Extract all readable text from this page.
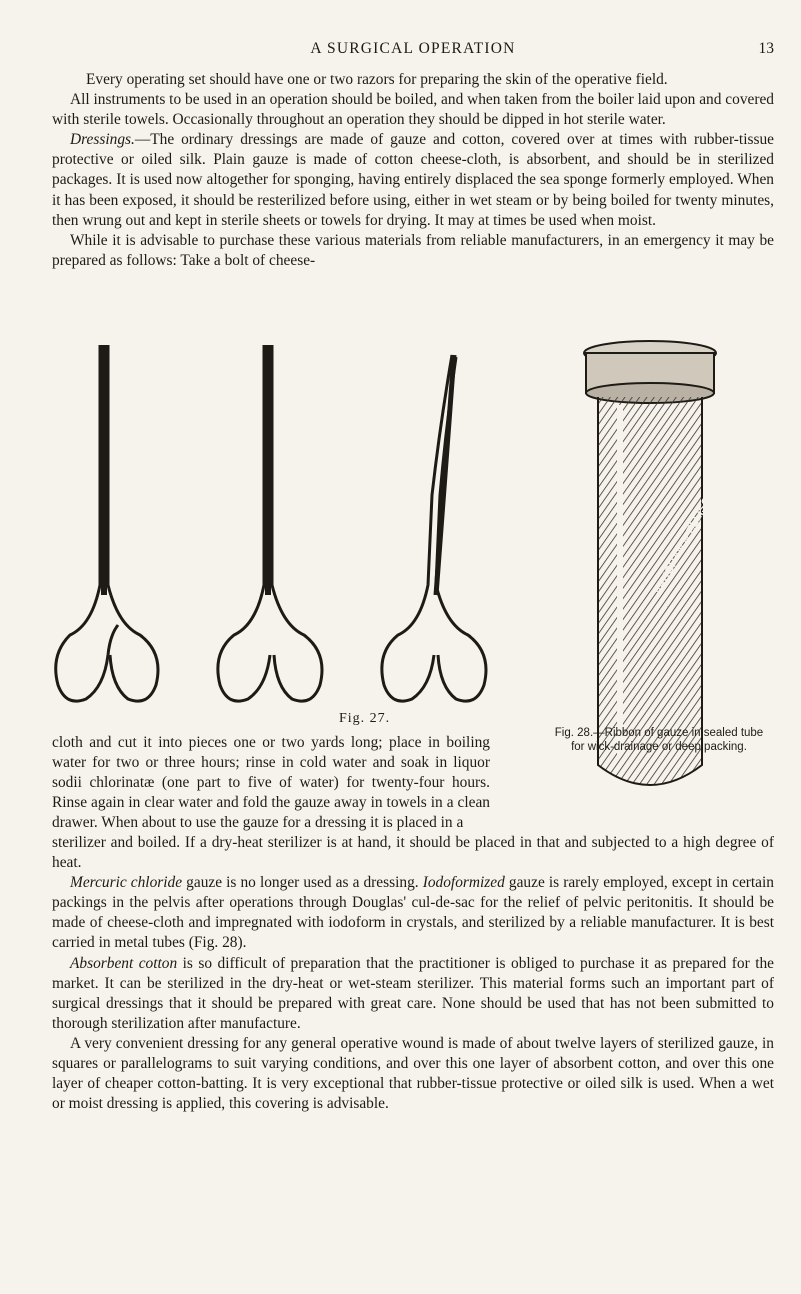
A SURGICAL OPERATION	13

Every operating set should have one or two razors for preparing the skin of the operative field.

All instruments to be used in an operation should be boiled, and when taken from the boiler laid upon and covered with sterile towels. Occasionally throughout an operation they should be dipped in hot sterile water.

Dressings.—The ordinary dressings are made of gauze and cotton, covered over at times with rubber-tissue protective or oiled silk. Plain gauze is made of cotton cheese-cloth, is absorbent, and should be in sterilized packages. It is used now altogether for sponging, having entirely displaced the sea sponge formerly employed. When it has been exposed, it should be resterilized before using, either in wet steam or by being boiled for twenty minutes, then wrung out and kept in sterile sheets or towels for drying. It may at times be used when moist.

While it is advisable to purchase these various materials from reliable manufacturers, in an emergency it may be prepared as follows: Take a bolt of cheese-

Fig. 27.
VAUGHAN & ELLISON
Fig. 28.—Ribbon of gauze in sealed tube for wick-drainage or deep packing.

cloth and cut it into pieces one or two yards long; place in boiling water for two or three hours; rinse in cold water and soak in liquor sodii chlorinatæ (one part to five of water) for twenty-four hours. Rinse again in clear water and fold the gauze away in towels in a clean drawer. When about to use the gauze for a dressing it is placed in a

sterilizer and boiled. If a dry-heat sterilizer is at hand, it should be placed in that and subjected to a high degree of heat.

Mercuric chloride gauze is no longer used as a dressing. Iodoformized gauze is rarely employed, except in certain packings in the pelvis after operations through Douglas' cul-de-sac for the relief of pelvic peritonitis. It should be made of cheese-cloth and impregnated with iodoform in crystals, and sterilized by a reliable manufacturer. It is best carried in metal tubes (Fig. 28).

Absorbent cotton is so difficult of preparation that the practitioner is obliged to purchase it as prepared for the market. It can be sterilized in the dry-heat or wet-steam sterilizer. This material forms such an important part of surgical dressings that it should be prepared with great care. None should be used that has not been submitted to thorough sterilization after manufacture.

A very convenient dressing for any general operative wound is made of about twelve layers of sterilized gauze, in squares or parallelograms to suit varying conditions, and over this one layer of absorbent cotton, and over this one layer of cheaper cotton-batting. It is very exceptional that rubber-tissue protective or oiled silk is used. When a wet or moist dressing is applied, this covering is advisable.
